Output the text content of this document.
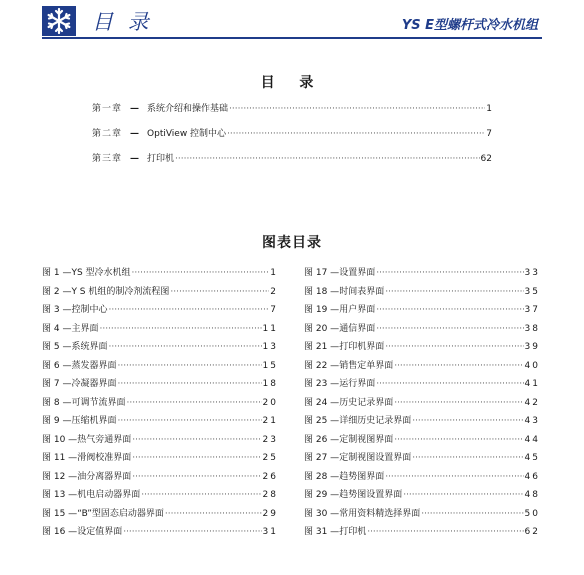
目 录	YS E型螺杆式冷水机组
目 录
第一章 — 系统介绍和操作基础 ·····	1
第二章 — OptiView 控制中心 ·····	7
第三章 — 打印机 ·····	62
图表目录
图 1 — YS 型冷水机组 ·····	1
图 2 — Y S 机组的制冷剂流程图 ·····	2
图 3 — 控制中心 ·····	7
图 4 — 主界面 ·····	11
图 5 — 系统界面 ·····	13
图 6 — 蒸发器界面 ·····	15
图 7 — 冷凝器界面 ·····	18
图 8 — 可调节流界面 ·····	20
图 9 — 压缩机界面 ·····	21
图 10 — 热气旁通界面 ·····	23
图 11 — 滑阀校准界面 ·····	25
图 12 — 油分离器界面 ·····	26
图 13 — 机电启动器界面 ·····	28
图 15 — “B”型固态启动器界面 ·····	29
图 16 — 设定值界面 ·····	31
图 17 — 设置界面 ·····	33
图 18 — 时间表界面 ·····	35
图 19 — 用户界面 ·····	37
图 20 — 通信界面 ·····	38
图 21 — 打印机界面 ·····	39
图 22 — 销售定单界面 ·····	40
图 23 — 运行界面 ·····	41
图 24 — 历史记录界面 ·····	42
图 25 — 详细历史记录界面 ·····	43
图 26 — 定制视图界面 ·····	44
图 27 — 定制视图设置界面 ·····	45
图 28 — 趋势图界面 ·····	46
图 29 — 趋势图设置界面 ·····	48
图 30 — 常用资料精选择界面 ·····	50
图 31 — 打印机 ·····	62
